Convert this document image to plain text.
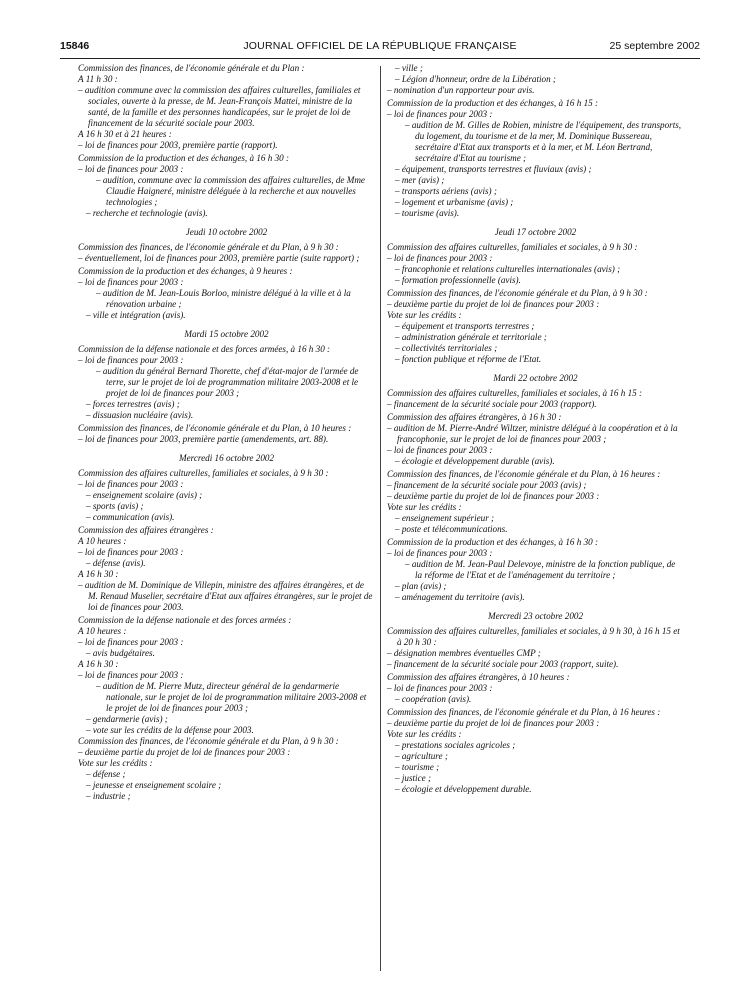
15846	JOURNAL OFFICIEL DE LA RÉPUBLIQUE FRANÇAISE	25 septembre 2002

Commission des finances, de l'économie générale et du Plan :

A 11 h 30 :

– audition commune avec la commission des affaires culturelles, familiales et sociales, ouverte à la presse, de M. Jean-François Mattei, ministre de la santé, de la famille et des personnes handicapées, sur le projet de loi de financement de la sécurité sociale pour 2003.

A 16 h 30 et à 21 heures :

– loi de finances pour 2003, première partie (rapport).

Commission de la production et des échanges, à 16 h 30 :

– loi de finances pour 2003 :

– audition, commune avec la commission des affaires culturelles, de Mme Claudie Haigneré, ministre déléguée à la recherche et aux nouvelles technologies ;

– recherche et technologie (avis).

Jeudi 10 octobre 2002

Commission des finances, de l'économie générale et du Plan, à 9 h 30 :

– éventuellement, loi de finances pour 2003, première partie (suite rapport) ;

Commission de la production et des échanges, à 9 heures :

– loi de finances pour 2003 :

– audition de M. Jean-Louis Borloo, ministre délégué à la ville et à la rénovation urbaine ;

– ville et intégration (avis).

Mardi 15 octobre 2002

Commission de la défense nationale et des forces armées, à 16 h 30 :

– loi de finances pour 2003 :

– audition du général Bernard Thorette, chef d'état-major de l'armée de terre, sur le projet de loi de programmation militaire 2003-2008 et le projet de loi de finances pour 2003 ;

– forces terrestres (avis) ;

– dissuasion nucléaire (avis).

Commission des finances, de l'économie générale et du Plan, à 10 heures :

– loi de finances pour 2003, première partie (amendements, art. 88).

Mercredi 16 octobre 2002

Commission des affaires culturelles, familiales et sociales, à 9 h 30 :

– loi de finances pour 2003 :

– enseignement scolaire (avis) ;

– sports (avis) ;

– communication (avis).

Commission des affaires étrangères :

A 10 heures :

– loi de finances pour 2003 :

– défense (avis).

A 16 h 30 :

– audition de M. Dominique de Villepin, ministre des affaires étrangères, et de M. Renaud Muselier, secrétaire d'Etat aux affaires étrangères, sur le projet de loi de finances pour 2003.

Commission de la défense nationale et des forces armées :

A 10 heures :

– loi de finances pour 2003 :

– avis budgétaires.

A 16 h 30 :

– loi de finances pour 2003 :

– audition de M. Pierre Mutz, directeur général de la gendarmerie nationale, sur le projet de loi de programmation militaire 2003-2008 et le projet de loi de finances pour 2003 ;

– gendarmerie (avis) ;

– vote sur les crédits de la défense pour 2003.

Commission des finances, de l'économie générale et du Plan, à 9 h 30 :

– deuxième partie du projet de loi de finances pour 2003 :

Vote sur les crédits :

– défense ;

– jeunesse et enseignement scolaire ;

– industrie ;

– ville ;

– Légion d'honneur, ordre de la Libération ;

– nomination d'un rapporteur pour avis.

Commission de la production et des échanges, à 16 h 15 :

– loi de finances pour 2003 :

– audition de M. Gilles de Robien, ministre de l'équipement, des transports, du logement, du tourisme et de la mer, M. Dominique Bussereau, secrétaire d'Etat aux transports et à la mer, et M. Léon Bertrand, secrétaire d'Etat au tourisme ;

– équipement, transports terrestres et fluviaux (avis) ;

– mer (avis) ;

– transports aériens (avis) ;

– logement et urbanisme (avis) ;

– tourisme (avis).

Jeudi 17 octobre 2002

Commission des affaires culturelles, familiales et sociales, à 9 h 30 :

– loi de finances pour 2003 :

– francophonie et relations culturelles internationales (avis) ;

– formation professionnelle (avis).

Commission des finances, de l'économie générale et du Plan, à 9 h 30 :

– deuxième partie du projet de loi de finances pour 2003 :

Vote sur les crédits :

– équipement et transports terrestres ;

– administration générale et territoriale ;

– collectivités territoriales ;

– fonction publique et réforme de l'Etat.

Mardi 22 octobre 2002

Commission des affaires culturelles, familiales et sociales, à 16 h 15 :

– financement de la sécurité sociale pour 2003 (rapport).

Commission des affaires étrangères, à 16 h 30 :

– audition de M. Pierre-André Wiltzer, ministre délégué à la coopération et à la francophonie, sur le projet de loi de finances pour 2003 ;

– loi de finances pour 2003 :

– écologie et développement durable (avis).

Commission des finances, de l'économie générale et du Plan, à 16 heures :

– financement de la sécurité sociale pour 2003 (avis) ;

– deuxième partie du projet de loi de finances pour 2003 :

Vote sur les crédits :

– enseignement supérieur ;

– poste et télécommunications.

Commission de la production et des échanges, à 16 h 30 :

– loi de finances pour 2003 :

– audition de M. Jean-Paul Delevoye, ministre de la fonction publique, de la réforme de l'Etat et de l'aménagement du territoire ;

– plan (avis) ;

– aménagement du territoire (avis).

Mercredi 23 octobre 2002

Commission des affaires culturelles, familiales et sociales, à 9 h 30, à 16 h 15 et à 20 h 30 :

– désignation membres éventuelles CMP ;

– financement de la sécurité sociale pour 2003 (rapport, suite).

Commission des affaires étrangères, à 10 heures :

– loi de finances pour 2003 :

– coopération (avis).

Commission des finances, de l'économie générale et du Plan, à 16 heures :

– deuxième partie du projet de loi de finances pour 2003 :

Vote sur les crédits :

– prestations sociales agricoles ;

– agriculture ;

– tourisme ;

– justice ;

– écologie et développement durable.
